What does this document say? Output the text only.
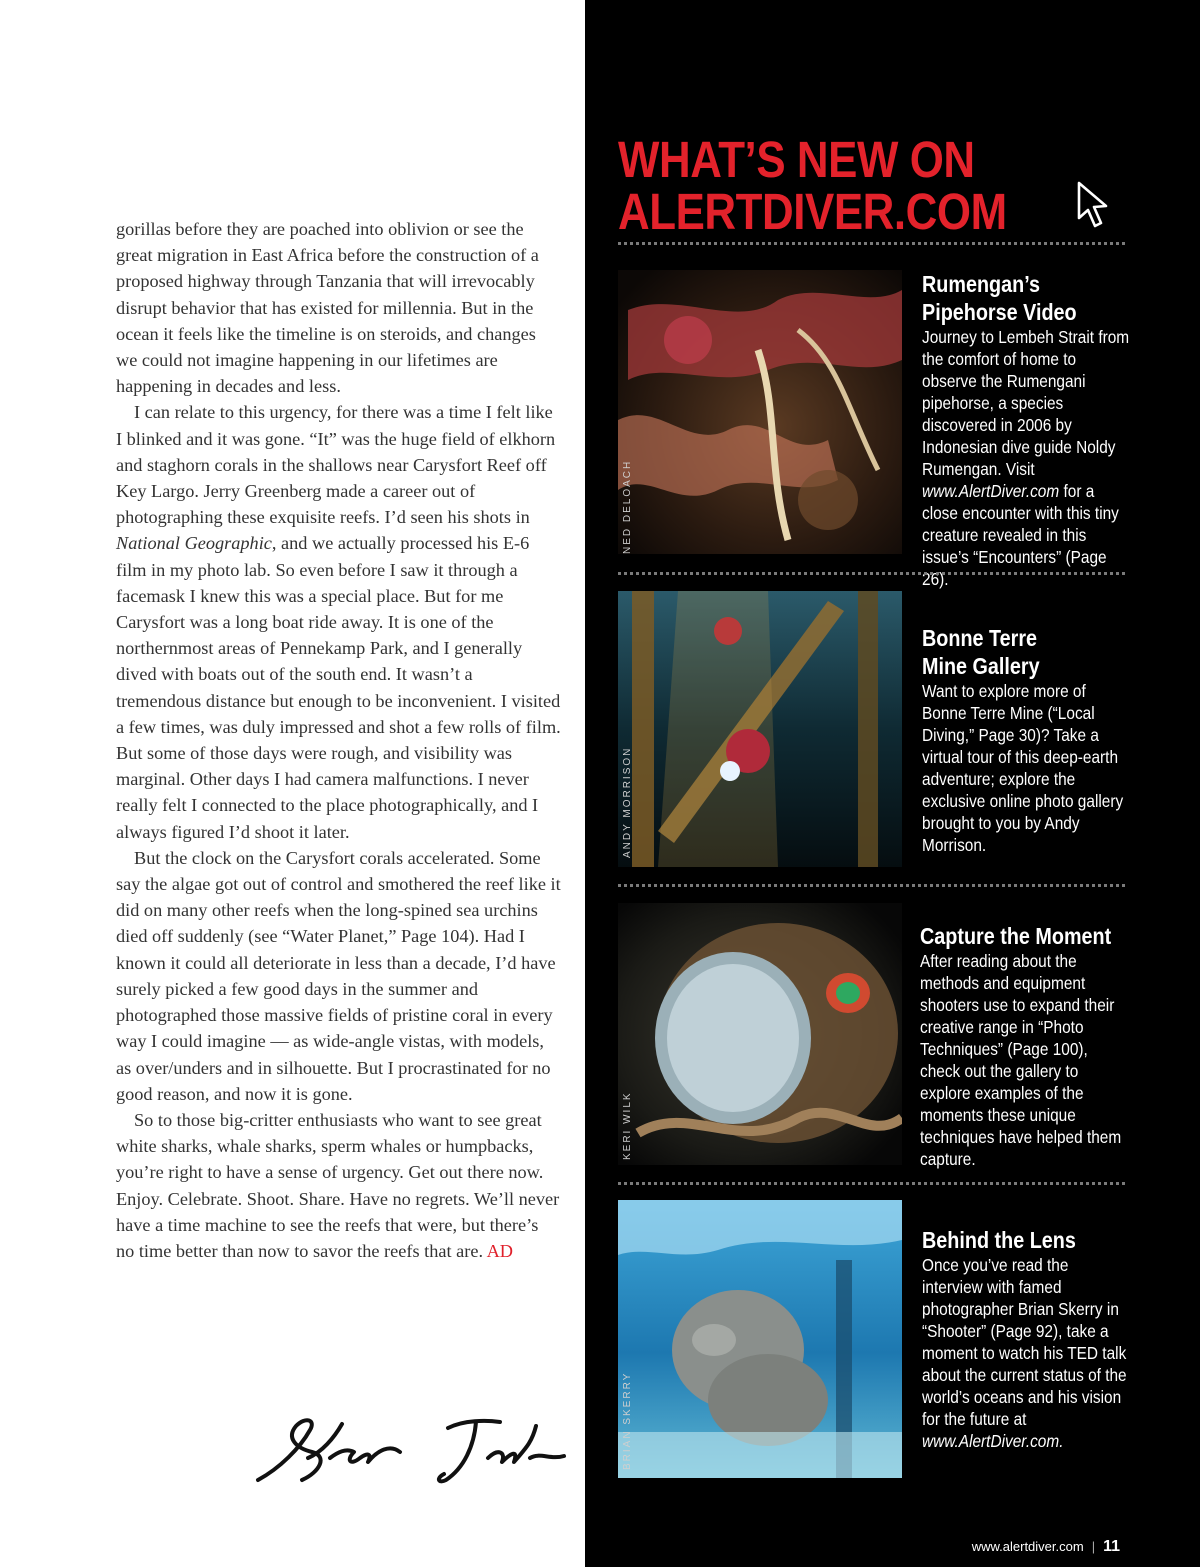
gorillas before they are poached into oblivion or see the great migration in East Africa before the construction of a proposed highway through Tanzania that will irrevocably disrupt behavior that has existed for millennia. But in the ocean it feels like the timeline is on steroids, and changes we could not imagine happening in our lifetimes are happening in decades and less.

I can relate to this urgency, for there was a time I felt like I blinked and it was gone. “It” was the huge field of elkhorn and staghorn corals in the shallows near Carysfort Reef off Key Largo. Jerry Greenberg made a career out of photographing these exquisite reefs. I’d seen his shots in National Geographic, and we actually processed his E-6 film in my photo lab. So even before I saw it through a facemask I knew this was a special place. But for me Carysfort was a long boat ride away. It is one of the northernmost areas of Pennekamp Park, and I generally dived with boats out of the south end. It wasn’t a tremendous distance but enough to be inconvenient. I visited a few times, was duly impressed and shot a few rolls of film. But some of those days were rough, and visibility was marginal. Other days I had camera malfunctions. I never really felt I connected to the place photographically, and I always figured I’d shoot it later.

But the clock on the Carysfort corals accelerated. Some say the algae got out of control and smothered the reef like it did on many other reefs when the long-spined sea urchins died off suddenly (see “Water Planet,” Page 104). Had I known it could all deteriorate in less than a decade, I’d have surely picked a few good days in the summer and photographed those massive fields of pristine coral in every way I could imagine — as wide-angle vistas, with models, as over/unders and in silhouette. But I procrastinated for no good reason, and now it is gone.

So to those big-critter enthusiasts who want to see great white sharks, whale sharks, sperm whales or humpbacks, you’re right to have a sense of urgency. Get out there now. Enjoy. Celebrate. Shoot. Share. Have no regrets. We’ll never have a time machine to see the reefs that were, but there’s no time better than now to savor the reefs that are. AD

WHAT’S NEW ON
ALERTDIVER.COM
NED DELOACH
Rumengan’s
Pipehorse Video
Journey to Lembeh Strait from the comfort of home to observe the Rumengani pipehorse, a species discovered in 2006 by Indonesian dive guide Noldy Rumengan. Visit www.AlertDiver.com for a close encounter with this tiny creature revealed in this issue’s “Encounters” (Page 26).
ANDY MORRISON
Bonne Terre
Mine Gallery
Want to explore more of Bonne Terre Mine (“Local Diving,” Page 30)? Take a virtual tour of this deep-earth adventure; explore the exclusive online photo gallery brought to you by Andy Morrison.
KERI WILK
Capture the Moment
After reading about the methods and equipment shooters use to expand their creative range in “Photo Techniques” (Page 100), check out the gallery to explore examples of the moments these unique techniques have helped them capture.
BRIAN SKERRY
Behind the Lens
Once you’ve read the interview with famed photographer Brian Skerry in “Shooter” (Page 92), take a moment to watch his TED talk about the current status of the world’s oceans and his vision for the future at www.AlertDiver.com.
www.alertdiver.com | 11
